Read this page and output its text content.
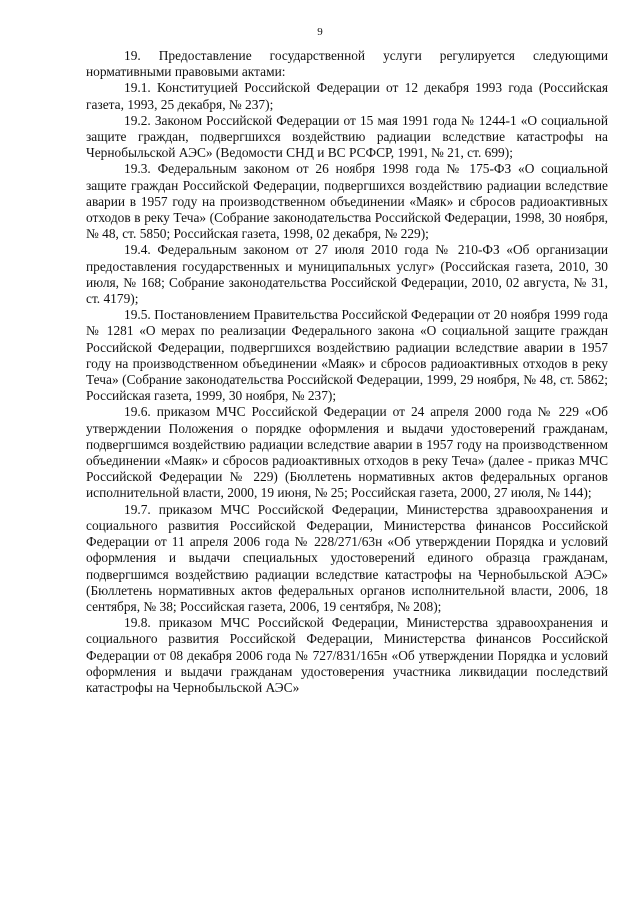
9

19. Предоставление государственной услуги регулируется следующими нормативными правовыми актами:

19.1. Конституцией Российской Федерации от 12 декабря 1993 года (Российская газета, 1993, 25 декабря, № 237);

19.2. Законом Российской Федерации от 15 мая 1991 года № 1244-1 «О социальной защите граждан, подвергшихся воздействию радиации вследствие катастрофы на Чернобыльской АЭС» (Ведомости СНД и ВС РСФСР, 1991, № 21, ст. 699);

19.3. Федеральным законом от 26 ноября 1998 года № 175-ФЗ «О социальной защите граждан Российской Федерации, подвергшихся воздействию радиации вследствие аварии в 1957 году на производственном объединении «Маяк» и сбросов радиоактивных отходов в реку Теча» (Собрание законодательства Российской Федерации, 1998, 30 ноября, № 48, ст. 5850; Российская газета, 1998, 02 декабря, № 229);

19.4. Федеральным законом от 27 июля 2010 года № 210-ФЗ «Об организации предоставления государственных и муниципальных услуг» (Российская газета, 2010, 30 июля, № 168; Собрание законодательства Российской Федерации, 2010, 02 августа, № 31, ст. 4179);

19.5. Постановлением Правительства Российской Федерации от 20 ноября 1999 года № 1281 «О мерах по реализации Федерального закона «О социальной защите граждан Российской Федерации, подвергшихся воздействию радиации вследствие аварии в 1957 году на производственном объединении «Маяк» и сбросов радиоактивных отходов в реку Теча» (Собрание законодательства Российской Федерации, 1999, 29 ноября, № 48, ст. 5862; Российская газета, 1999, 30 ноября, № 237);

19.6. приказом МЧС Российской Федерации от 24 апреля 2000 года № 229 «Об утверждении Положения о порядке оформления и выдачи удостоверений гражданам, подвергшимся воздействию радиации вследствие аварии в 1957 году на производственном объединении «Маяк» и сбросов радиоактивных отходов в реку Теча» (далее - приказ МЧС Российской Федерации № 229) (Бюллетень нормативных актов федеральных органов исполнительной власти, 2000, 19 июня, № 25; Российская газета, 2000, 27 июля, № 144);

19.7. приказом МЧС Российской Федерации, Министерства здравоохранения и социального развития Российской Федерации, Министерства финансов Российской Федерации от 11 апреля 2006 года № 228/271/63н «Об утверждении Порядка и условий оформления и выдачи специальных удостоверений единого образца гражданам, подвергшимся воздействию радиации вследствие катастрофы на Чернобыльской АЭС» (Бюллетень нормативных актов федеральных органов исполнительной власти, 2006, 18 сентября, № 38; Российская газета, 2006, 19 сентября, № 208);

19.8. приказом МЧС Российской Федерации, Министерства здравоохранения и социального развития Российской Федерации, Министерства финансов Российской Федерации от 08 декабря 2006 года № 727/831/165н «Об утверждении Порядка и условий оформления и выдачи гражданам удостоверения участника ликвидации последствий катастрофы на Чернобыльской АЭС»
